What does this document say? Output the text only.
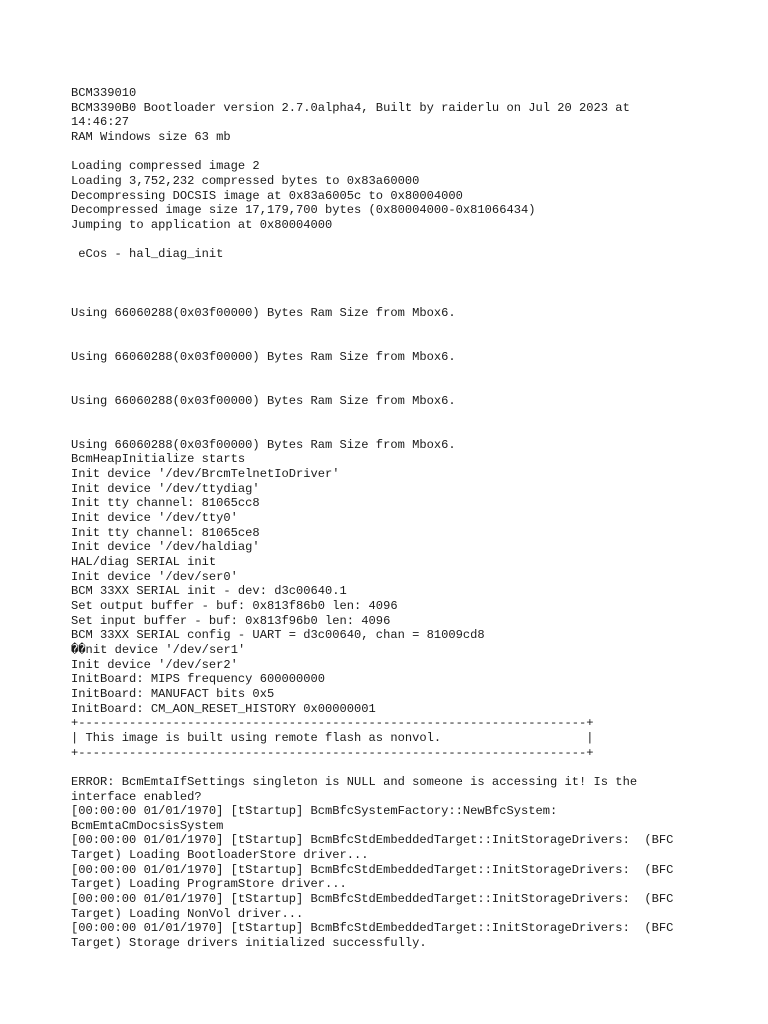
BCM339010
BCM3390B0 Bootloader version 2.7.0alpha4, Built by raiderlu on Jul 20 2023 at
14:46:27
RAM Windows size 63 mb
Loading compressed image 2
Loading 3,752,232 compressed bytes to 0x83a60000
Decompressing DOCSIS image at 0x83a6005c to 0x80004000
Decompressed image size 17,179,700 bytes (0x80004000-0x81066434)
Jumping to application at 0x80004000
eCos - hal_diag_init
Using 66060288(0x03f00000) Bytes Ram Size from Mbox6.
Using 66060288(0x03f00000) Bytes Ram Size from Mbox6.
Using 66060288(0x03f00000) Bytes Ram Size from Mbox6.
Using 66060288(0x03f00000) Bytes Ram Size from Mbox6.
BcmHeapInitialize starts
Init device '/dev/BrcmTelnetIoDriver'
Init device '/dev/ttydiag'
Init tty channel: 81065cc8
Init device '/dev/tty0'
Init tty channel: 81065ce8
Init device '/dev/haldiag'
HAL/diag SERIAL init
Init device '/dev/ser0'
BCM 33XX SERIAL init - dev: d3c00640.1
Set output buffer - buf: 0x813f86b0 len: 4096
Set input buffer - buf: 0x813f96b0 len: 4096
BCM 33XX SERIAL config - UART = d3c00640, chan = 81009cd8
��nit device '/dev/ser1'
Init device '/dev/ser2'
InitBoard: MIPS frequency 600000000
InitBoard: MANUFACT bits 0x5
InitBoard: CM_AON_RESET_HISTORY 0x00000001
+----------------------------------------------------------------------+
| This image is built using remote flash as nonvol.                    |
+----------------------------------------------------------------------+
ERROR: BcmEmtaIfSettings singleton is NULL and someone is accessing it! Is the
interface enabled?
[00:00:00 01/01/1970] [tStartup] BcmBfcSystemFactory::NewBfcSystem:
BcmEmtaCmDocsisSystem
[00:00:00 01/01/1970] [tStartup] BcmBfcStdEmbeddedTarget::InitStorageDrivers:  (BFC
Target) Loading BootloaderStore driver...
[00:00:00 01/01/1970] [tStartup] BcmBfcStdEmbeddedTarget::InitStorageDrivers:  (BFC
Target) Loading ProgramStore driver...
[00:00:00 01/01/1970] [tStartup] BcmBfcStdEmbeddedTarget::InitStorageDrivers:  (BFC
Target) Loading NonVol driver...
[00:00:00 01/01/1970] [tStartup] BcmBfcStdEmbeddedTarget::InitStorageDrivers:  (BFC
Target) Storage drivers initialized successfully.
